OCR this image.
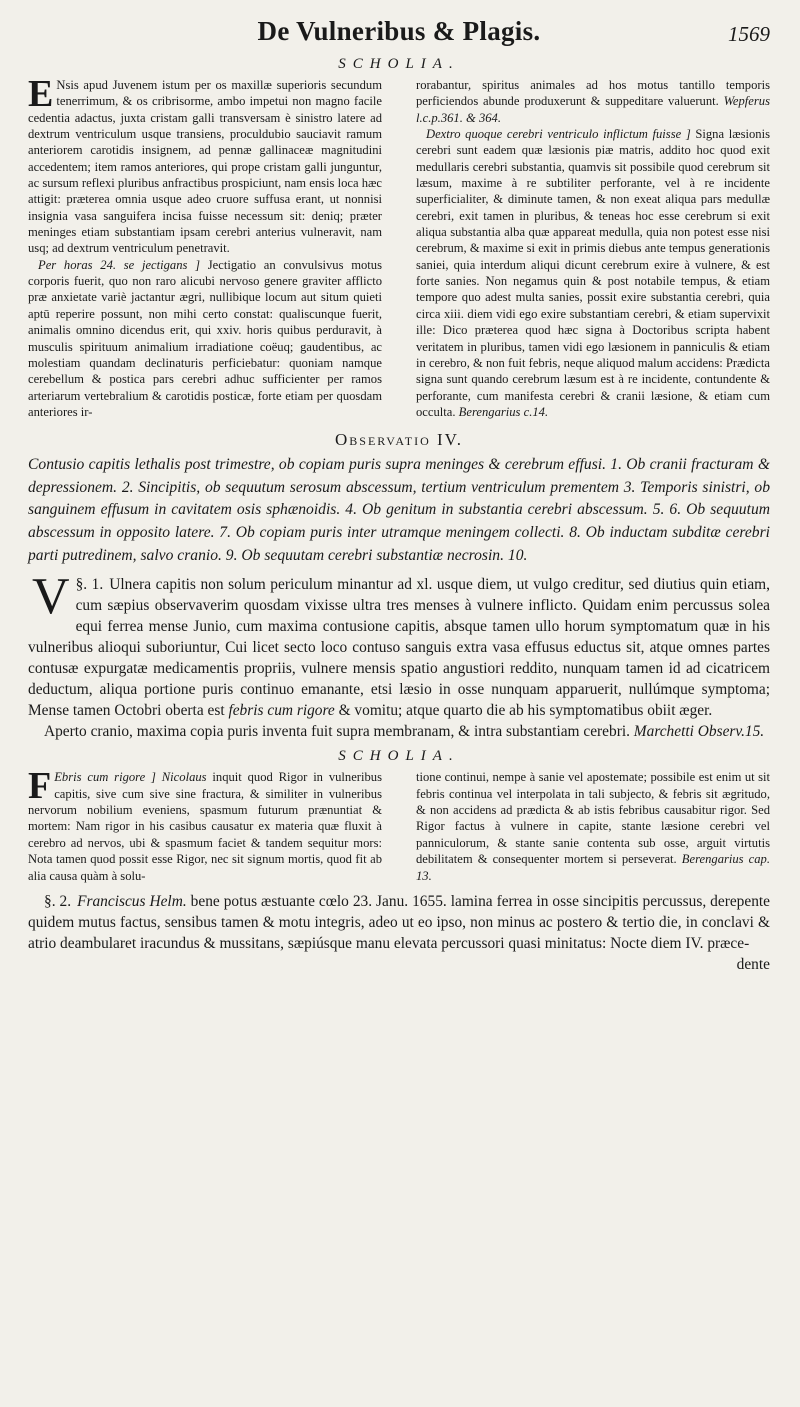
De Vulneribus & Plagis.	1569
SCHOLIA.

E Nsis apud Juvenem istum per os maxillæ superioris secundum tenerrimum, & os cribrisorme, ambo impetui non magno facile cedentia adactus, juxta cristam galli transversam è sinistro latere ad dextrum ventriculum usque transiens, proculdubio sauciavit ramum anteriorem carotidis insignem, ad pennæ gallinaceæ magnitudini accedentem; item ramos anteriores, qui prope cristam galli junguntur, ac sursum reflexi pluribus anfractibus prospiciunt, nam ensis loca hæc attigit: præterea omnia usque adeo cruore suffusa erant, ut nonnisi insignia vasa sanguifera incisa fuisse necessum sit: deniq; præter meninges etiam substantiam ipsam cerebri anterius vulneravit, nam usq; ad dextrum ventriculum penetravit.

Per horas 24. se jectigans ] Jectigatio an convulsivus motus corporis fuerit, quo non raro alicubi nervoso genere graviter afflicto præ anxietate variè jactantur ægri, nullibique locum aut situm quieti aptū reperire possunt, non mihi certo constat: qualiscunque fuerit, animalis omnino dicendus erit, qui xxiv. horis quibus perduravit, à musculis spirituum animalium irradiatione coëuq; gaudentibus, ac molestiam quandam declinaturis perficiebatur: quoniam namque cerebellum & postica pars cerebri adhuc sufficienter per ramos arteriarum vertebralium & carotidis posticæ, forte etiam per quosdam anteriores ir-

rorabantur, spiritus animales ad hos motus tantillo temporis perficiendos abunde produxerunt & suppeditare valuerunt. Wepferus l.c.p.361. & 364.

Dextro quoque cerebri ventriculo inflictum fuisse ] Signa læsionis cerebri sunt eadem quæ læsionis piæ matris, addito hoc quod exit medullaris cerebri substantia, quamvis sit possibile quod cerebrum sit læsum, maxime à re subtiliter perforante, vel à re incidente superficialiter, & diminute tamen, & non exeat aliqua pars medullæ cerebri, exit tamen in pluribus, & teneas hoc esse cerebrum si exit aliqua substantia alba quæ appareat medulla, quia non potest esse nisi cerebrum, & maxime si exit in primis diebus ante tempus generationis saniei, quia interdum aliqui dicunt cerebrum exire à vulnere, & est forte sanies. Non negamus quin & post notabile tempus, & etiam tempore quo adest multa sanies, possit exire substantia cerebri, quia circa xiii. diem vidi ego exire substantiam cerebri, & etiam supervixit ille: Dico præterea quod hæc signa à Doctoribus scripta habent veritatem in pluribus, tamen vidi ego læsionem in panniculis & etiam in cerebro, & non fuit febris, neque aliquod malum accidens: Prædicta signa sunt quando cerebrum læsum est à re incidente, contundente & perforante, cum manifesta cerebri & cranii læsione, & etiam cum occulta. Berengarius c.14.

Observatio IV.
Contusio capitis lethalis post trimestre, ob copiam puris supra meninges & cerebrum effusi. 1. Ob cranii fracturam & depressionem. 2. Sincipitis, ob sequutum serosum abscessum, tertium ventriculum prementem 3. Temporis sinistri, ob sanguinem effusum in cavitatem osis sphænoidis. 4. Ob genitum in substantia cerebri abscessum. 5. 6. Ob sequutum abscessum in opposito latere. 7. Ob copiam puris inter utramque meningem collecti. 8. Ob inductam subditæ cerebri parti putredinem, salvo cranio. 9. Ob sequutam cerebri substantiæ necrosin. 10.

§. 1.
V	Ulnera capitis non solum periculum minantur ad xl. usque diem, ut vulgo creditur, sed diutius quin etiam, cum sæpius observaverim quosdam vixisse ultra tres menses à vulnere inflicto. Quidam enim percussus solea equi ferrea mense Junio, cum maxima contusione capitis, absque tamen ullo horum symptomatum quæ in his vulneribus alioqui suboriuntur, Cui licet secto loco contuso sanguis extra vasa effusus eductus sit, atque omnes partes contusæ expurgatæ medicamentis propriis, vulnere mensis spatio angustiori reddito, nunquam tamen id ad cicatricem deductum, aliqua portione puris continuo emanante, etsi læsio in osse nunquam apparuerit, nullúmque symptoma; Mense tamen Octobri oberta est febris cum rigore & vomitu; atque quarto die ab his symptomatibus obiit æger.

Aperto cranio, maxima copia puris inventa fuit supra membranam, & intra substantiam cerebri. Marchetti Observ.15.

SCHOLIA.

F Ebris cum rigore ] Nicolaus inquit quod Rigor in vulneribus capitis, sive cum sive sine fractura, & similiter in vulneribus nervorum nobilium eveniens, spasmum futurum prænuntiat & mortem: Nam rigor in his casibus causatur ex materia quæ fluxit à cerebro ad nervos, ubi & spasmum faciet & tandem sequitur mors: Nota tamen quod possit esse Rigor, nec sit signum mortis, quod fit ab alia causa quàm à solu-

tione continui, nempe à sanie vel apostemate; possibile est enim ut sit febris continua vel interpolata in tali subjecto, & febris sit ægritudo, & non accidens ad prædicta & ab istis febribus causabitur rigor. Sed Rigor factus à vulnere in capite, stante læsione cerebri vel panniculorum, & stante sanie contenta sub osse, arguit virtutis debilitatem & consequenter mortem si perseverat. Berengarius cap. 13.

§. 2. Franciscus Helm. bene potus æstuante cœlo 23. Janu. 1655. lamina ferrea in osse sincipitis percussus, derepente quidem mutus factus, sensibus tamen & motu integris, adeo ut eo ipso, non minus ac postero & tertio die, in conclavi & atrio deambularet iracundus & mussitans, sæpiúsque manu elevata percussori quasi minitatus: Nocte diem IV. præce-

dente
